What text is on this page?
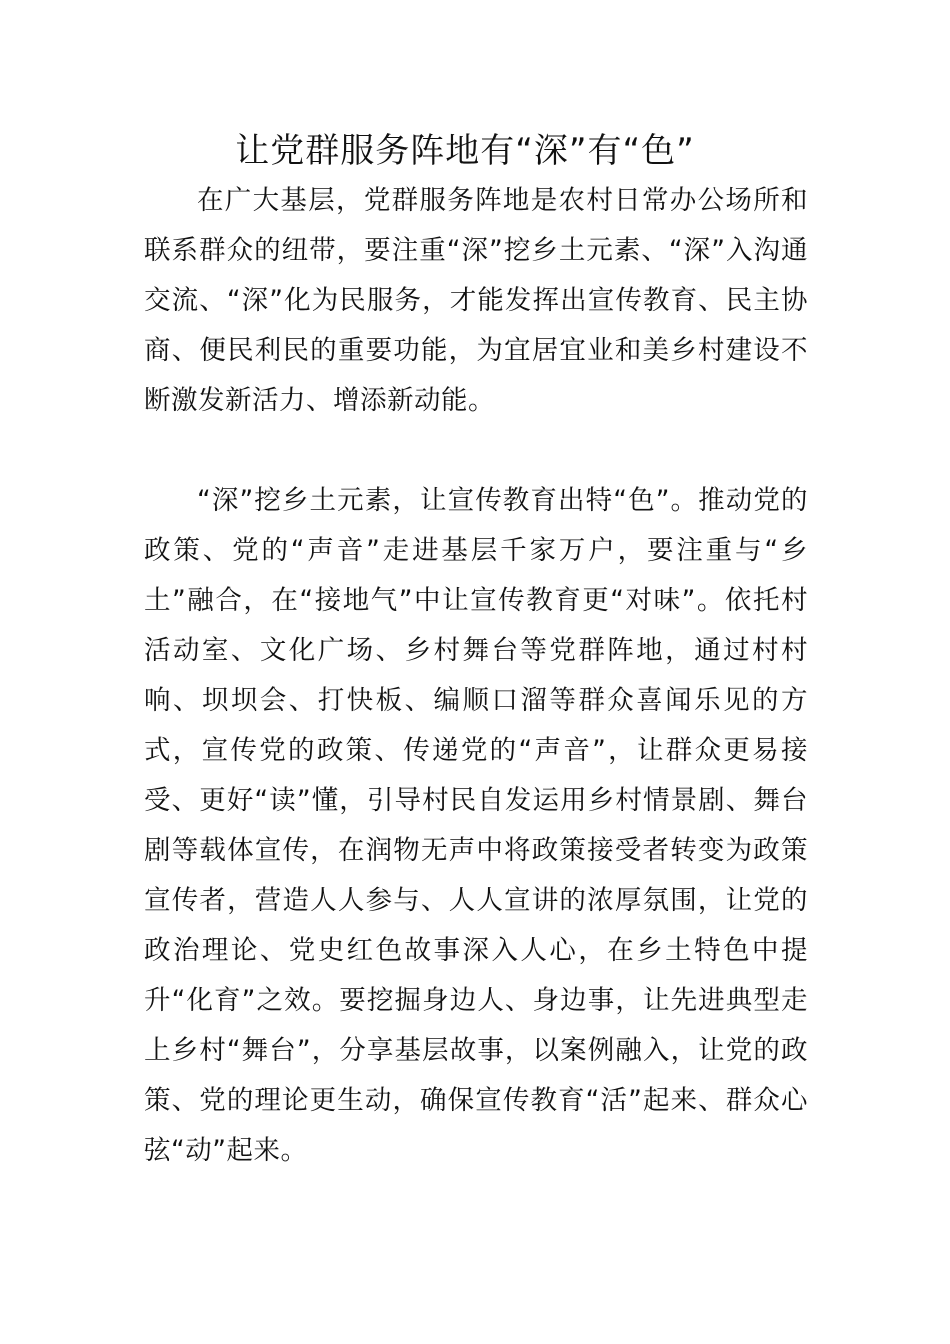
让党群服务阵地有“深”有“色”

在广大基层，党群服务阵地是农村日常办公场所和联系群众的纽带，要注重“深”挖乡土元素、“深”入沟通交流、“深”化为民服务，才能发挥出宣传教育、民主协商、便民利民的重要功能，为宜居宜业和美乡村建设不断激发新活力、增添新动能。

“深”挖乡土元素，让宣传教育出特“色”。推动党的政策、党的“声音”走进基层千家万户，要注重与“乡土”融合，在“接地气”中让宣传教育更“对味”。依托村活动室、文化广场、乡村舞台等党群阵地，通过村村响、坝坝会、打快板、编顺口溜等群众喜闻乐见的方式，宣传党的政策、传递党的“声音”，让群众更易接受、更好“读”懂，引导村民自发运用乡村情景剧、舞台剧等载体宣传，在润物无声中将政策接受者转变为政策宣传者，营造人人参与、人人宣讲的浓厚氛围，让党的政治理论、党史红色故事深入人心，在乡土特色中提升“化育”之效。要挖掘身边人、身边事，让先进典型走上乡村“舞台”，分享基层故事，以案例融入，让党的政策、党的理论更生动，确保宣传教育“活”起来、群众心弦“动”起来。
